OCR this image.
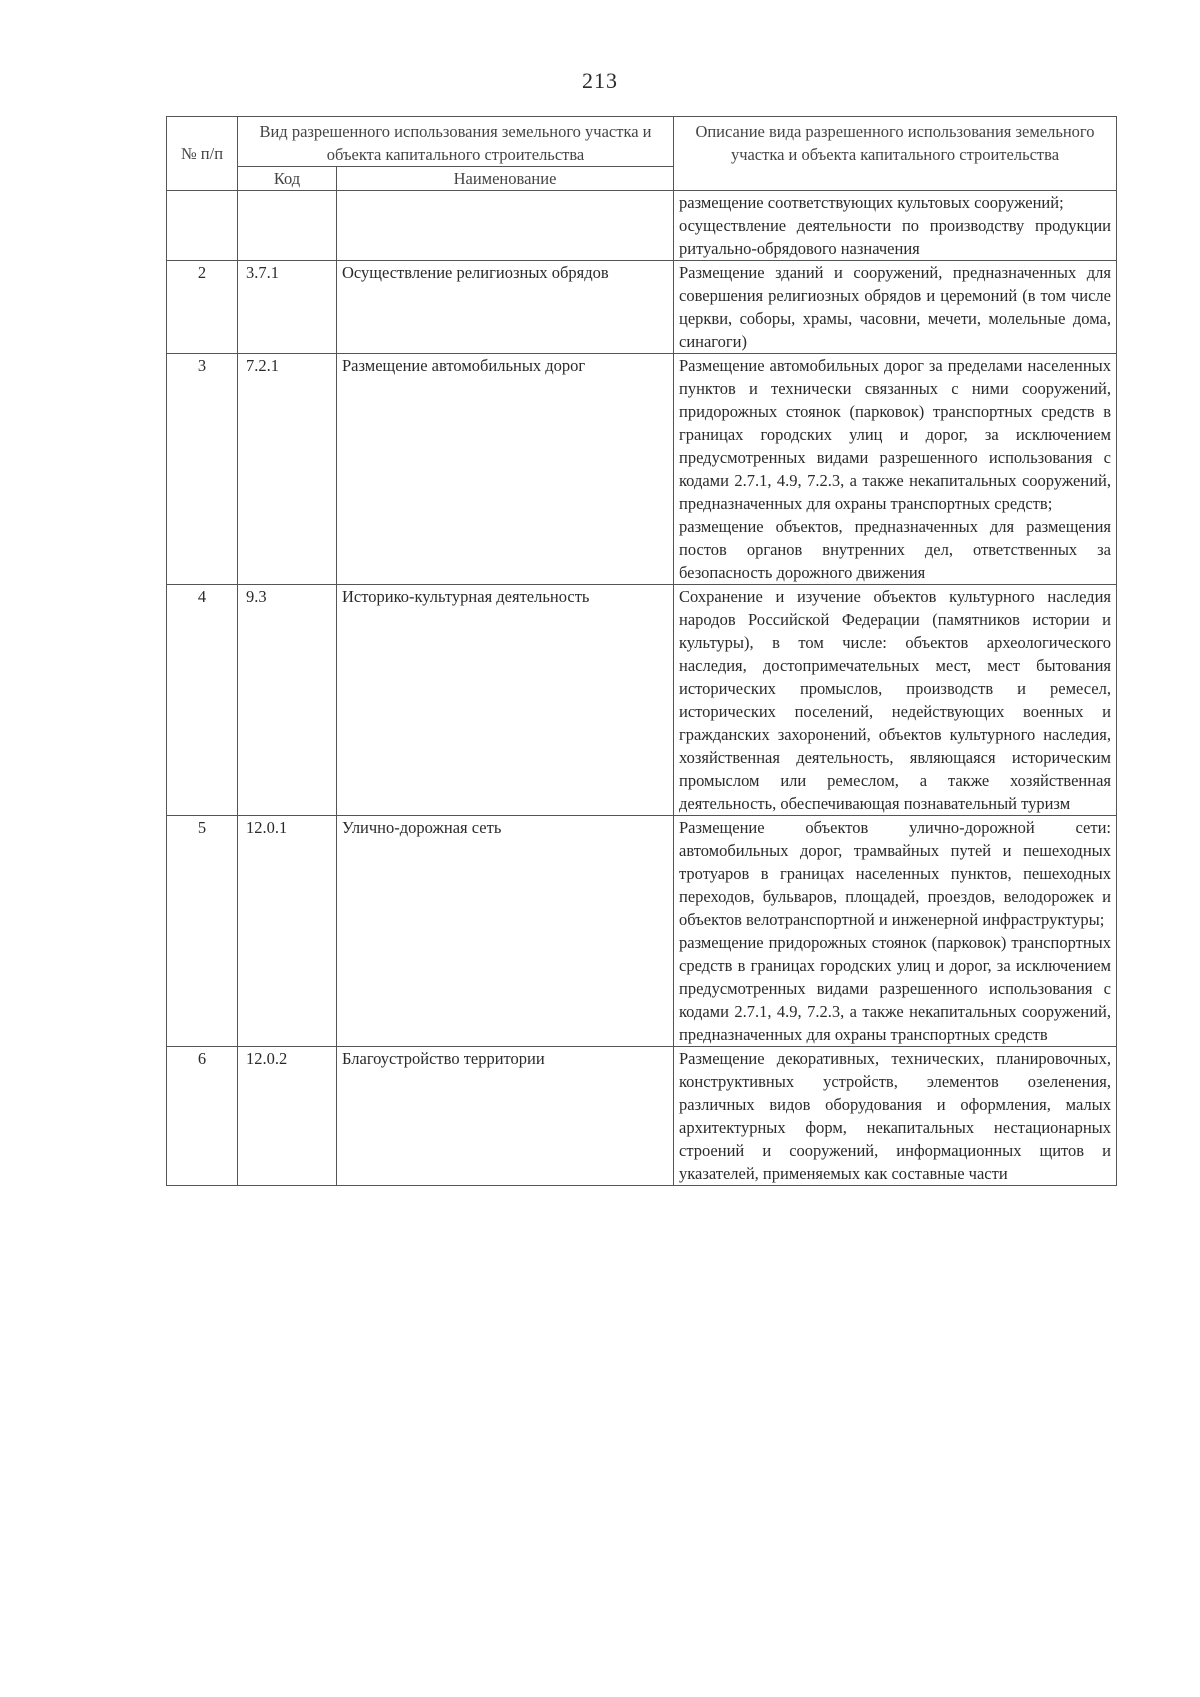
213
№ п/п	Вид разрешенного использования земельного участка и объекта капитального строительства		Описание вида разрешенного использования земельного участка и объекта капитального строительства
	Код	Наименование	

			размещение соответствующих культовых сооружений;

осуществление деятельности по производству продукции ритуально-обрядового назначения

2	3.7.1	Осуществление религиозных обрядов	Размещение зданий и сооружений, предназначенных для совершения религиозных обрядов и церемоний (в том числе церкви, соборы, храмы, часовни, мечети, молельные дома, синагоги)

3	7.2.1	Размещение автомобильных дорог	Размещение автомобильных дорог за пределами населенных пунктов и технически связанных с ними сооружений, придорожных стоянок (парковок) транспортных средств в границах городских улиц и дорог, за исключением предусмотренных видами разрешенного использования с кодами 2.7.1, 4.9, 7.2.3, а также некапитальных сооружений, предназначенных для охраны транспортных средств;

размещение объектов, предназначенных для размещения постов органов внутренних дел, ответственных за безопасность дорожного движения

4	9.3	Историко-культурная деятельность	Сохранение и изучение объектов культурного наследия народов Российской Федерации (памятников истории и культуры), в том числе: объектов археологического наследия, достопримечательных мест, мест бытования исторических промыслов, производств и ремесел, исторических поселений, недействующих военных и гражданских захоронений, объектов культурного наследия, хозяйственная деятельность, являющаяся историческим промыслом или ремеслом, а также хозяйственная деятельность, обеспечивающая познавательный туризм

5	12.0.1	Улично-дорожная сеть	Размещение объектов улично-дорожной сети: автомобильных дорог, трамвайных путей и пешеходных тротуаров в границах населенных пунктов, пешеходных переходов, бульваров, площадей, проездов, велодорожек и объектов велотранспортной и инженерной инфраструктуры;

размещение придорожных стоянок (парковок) транспортных средств в границах городских улиц и дорог, за исключением предусмотренных видами разрешенного использования с кодами 2.7.1, 4.9, 7.2.3, а также некапитальных сооружений, предназначенных для охраны транспортных средств

6	12.0.2	Благоустройство территории	Размещение декоративных, технических, планировочных, конструктивных устройств, элементов озеленения, различных видов оборудования и оформления, малых архитектурных форм, некапитальных нестационарных строений и сооружений, информационных щитов и указателей, применяемых как составные части
